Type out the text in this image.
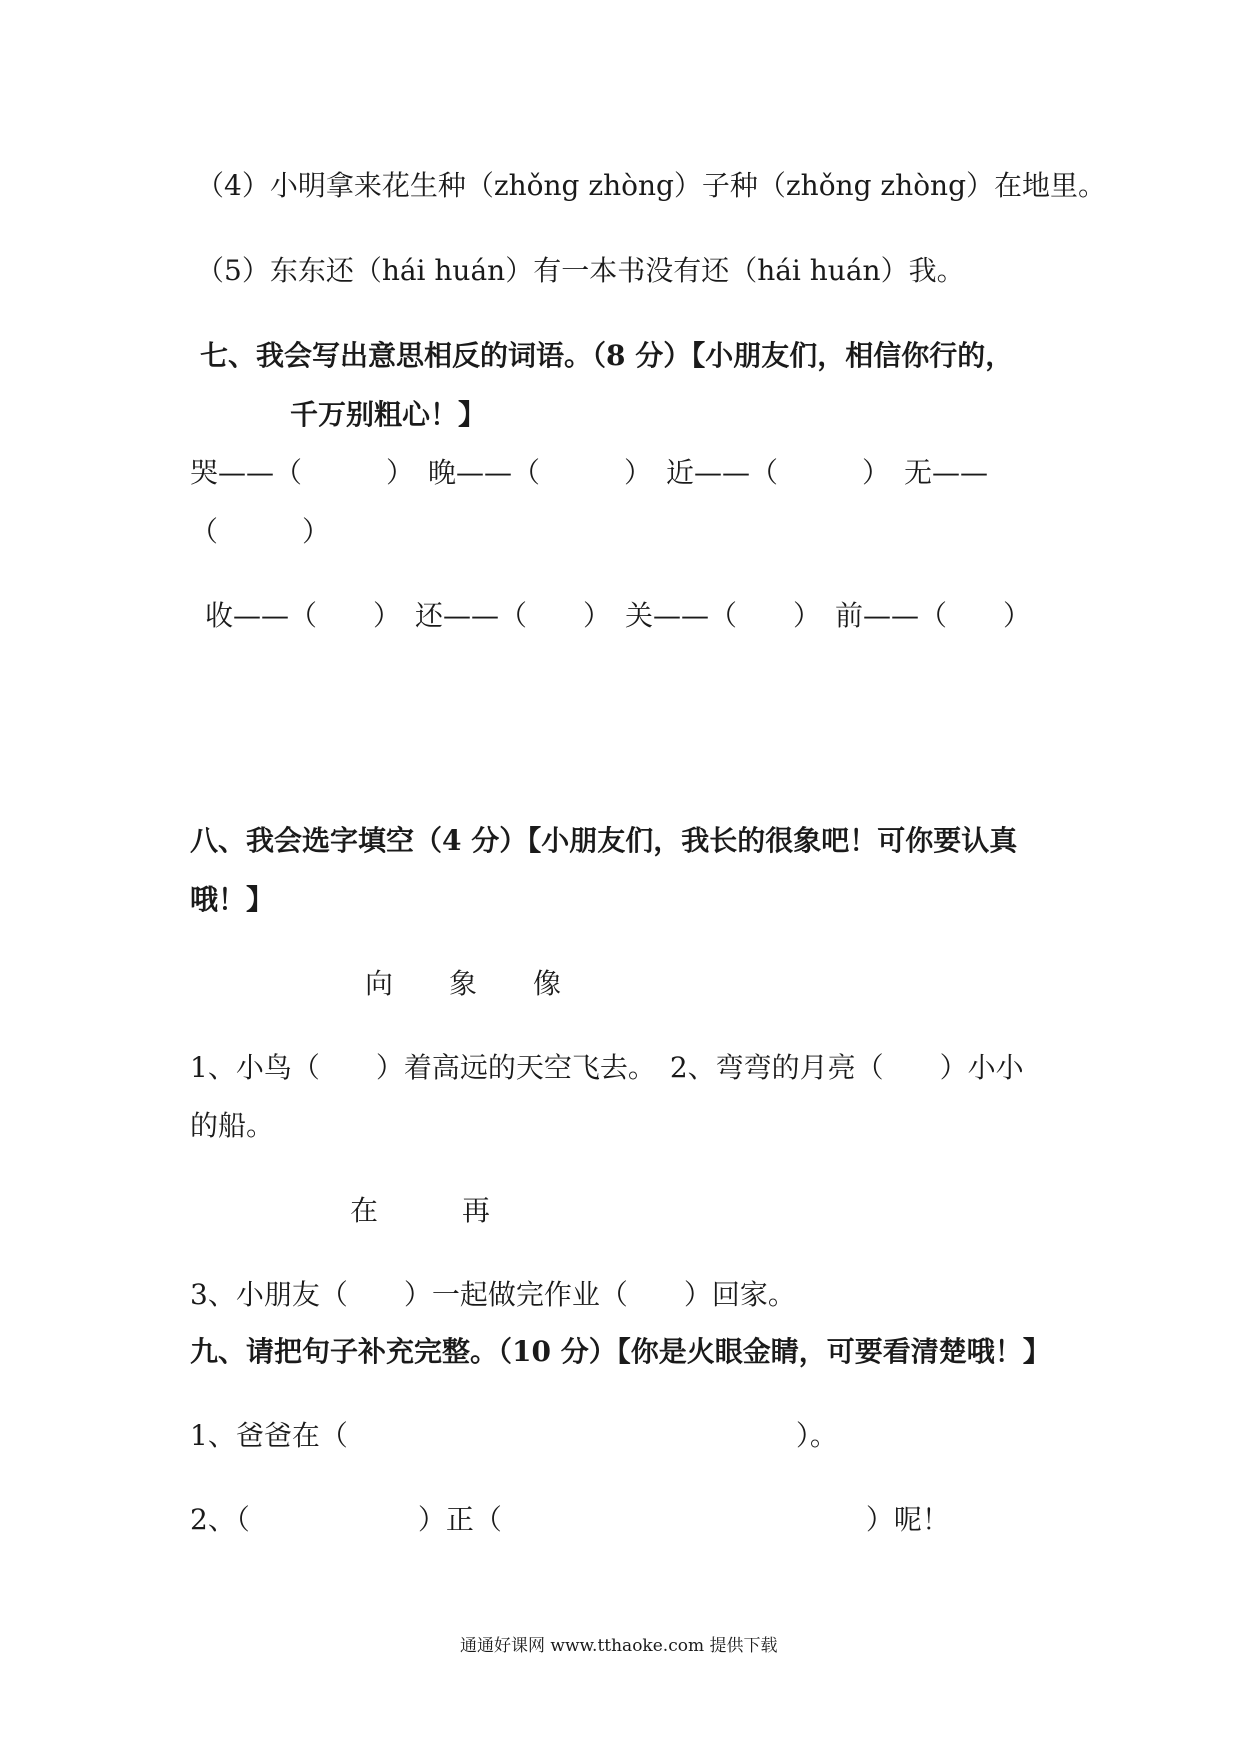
（4）小明拿来花生种（zhǒng zhòng）子种（zhǒng zhòng）在地里。
（5）东东还（hái huán）有一本书没有还（hái huán）我。
七、我会写出意思相反的词语。（8 分）【小朋友们，相信你行的，
千万别粗心！】
哭——（　　　）　晚——（　　　）　近——（　　　）　无——
（　　　）
收——（　　）　还——（　　）　关——（　　）　前——（　　）
八、我会选字填空（4 分）【小朋友们，我长的很象吧！可你要认真
哦！】
向　　象　　像
1、小鸟（　　）着高远的天空飞去。　2、弯弯的月亮（　　）小小
的船。
在　　　再
3、小朋友（　　）一起做完作业（　　）回家。
九、请把句子补充完整。（10 分）【你是火眼金睛，可要看清楚哦！】
1、爸爸在（　　　　　　　　　　　　　　　　）。
2、（　　　　　　）正（　　　　　　　　　　　　　）呢！
通通好课网 www.tthaoke.com 提供下载
